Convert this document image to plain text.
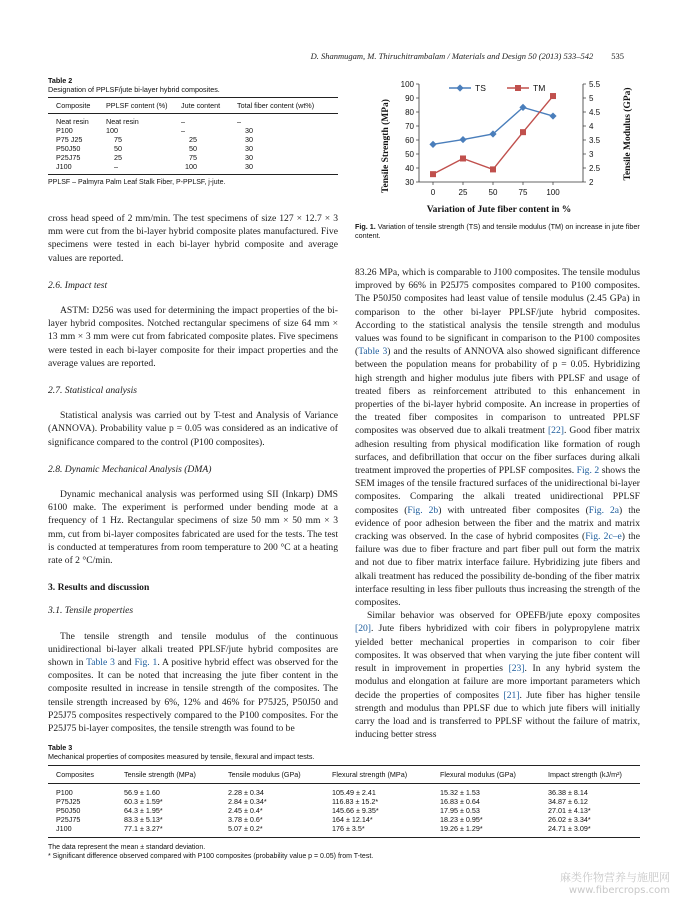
D. Shanmugam, M. Thiruchitrambalam / Materials and Design 50 (2013) 533–542 535
Table 2
Designation of PPLSF/jute bi-layer hybrid composites.
Composite	PPLSF content (%)	Jute content	Total fiber content (wt%)
Neat resin	Neat resin	–	–
P100	100	–	30
P75 J25	75	25	30
P50J50	50	50	30
P25J75	25	75	30
J100	–	100	30
PPLSF – Palmyra Palm Leaf Stalk Fiber, P-PPLSF, j-jute.

cross head speed of 2 mm/min. The test specimens of size 127 × 12.7 × 3 mm were cut from the bi-layer hybrid composite plates manufactured. Five specimens were tested in each bi-layer hybrid composite and average values are reported.

2.6. Impact test

ASTM: D256 was used for determining the impact properties of the bi-layer hybrid composites. Notched rectangular specimens of size 64 mm × 13 mm × 3 mm were cut from fabricated composite plates. Five specimens were tested in each bi-layer composite for their impact properties and the average values are reported.

2.7. Statistical analysis

Statistical analysis was carried out by T-test and Analysis of Variance (ANNOVA). Probability value p = 0.05 was considered as an indicative of significance compared to the control (P100 composites).

2.8. Dynamic Mechanical Analysis (DMA)

Dynamic mechanical analysis was performed using SII (Inkarp) DMS 6100 make. The experiment is performed under bending mode at a frequency of 1 Hz. Rectangular specimens of size 50 mm × 50 mm × 3 mm, cut from bi-layer composites fabricated are used for the tests. The test is conducted at temperatures from room temperature to 200 °C at a heating rate of 2 °C/min.

3. Results and discussion

3.1. Tensile properties

The tensile strength and tensile modulus of the continuous unidirectional bi-layer alkali treated PPLSF/jute hybrid composites are shown in Table 3 and Fig. 1. A positive hybrid effect was observed for the composites. It can be noted that increasing the jute fiber content in the composite resulted in increase in tensile strength of the composites. The tensile strength increased by 6%, 12% and 46% for P75J25, P50J50 and P25J75 composites respectively compared to the P100 composites. For the P25J75 bi-layer composites, the tensile strength was found to be

Tensile Strength (MPa)	Tensile Modulus (GPa)
Variation of Jute fiber content in %
30
40
50
60
70
80
90
100
2
2.5
3
3.5
4
4.5
5
5.5
0	25	50	75 100
TS	TM
Fig. 1. Variation of tensile strength (TS) and tensile modulus (TM) on increase in jute fiber content.

83.26 MPa, which is comparable to J100 composites. The tensile modulus improved by 66% in P25J75 composites compared to P100 composites. The P50J50 composites had least value of tensile modulus (2.45 GPa) in comparison to the other bi-layer PPLSF/jute hybrid composites. According to the statistical analysis the tensile strength and modulus values was found to be significant in comparison to the P100 composites (Table 3) and the results of ANNOVA also showed significant difference between the population means for probability of p = 0.05. Hybridizing high strength and higher modulus jute fibers with PPLSF and usage of treated fibers as reinforcement attributed to this enhancement in properties of the bi-layer hybrid composite. An increase in properties of the treated fiber composites in comparison to untreated PPLSF composites was observed due to alkali treatment [22]. Good fiber matrix adhesion resulting from physical modification like formation of rough surfaces, and defibrillation that occur on the fiber surfaces during alkali treatment improved the properties of PPLSF composites. Fig. 2 shows the SEM images of the tensile fractured surfaces of the unidirectional bi-layer composites. Comparing the alkali treated unidirectional PPLSF composites (Fig. 2b) with untreated fiber composites (Fig. 2a) the evidence of poor adhesion between the fiber and the matrix and matrix cracking was observed. In the case of hybrid composites (Fig. 2c–e) the failure was due to fiber fracture and part fiber pull out form the matrix and not due to fiber matrix interface failure. Hybridizing jute fibers and alkali treatment has reduced the possibility de-bonding of the fiber matrix interface resulting in less fiber pullouts thus increasing the strength of the composites.

Similar behavior was observed for OPEFB/jute epoxy composites [20]. Jute fibers hybridized with coir fibers in polypropylene matrix yielded better mechanical properties in comparison to coir fiber composites. It was observed that when varying the jute fiber content will result in improvement in properties [23]. In any hybrid system the modulus and elongation at failure are more important parameters which decide the properties of composites [21]. Jute fiber has higher tensile strength and modulus than PPLSF due to which jute fibers will initially carry the load and is transferred to PPLSF without the failure of matrix, inducing better stress

Table 3
Mechanical properties of composites measured by tensile, flexural and impact tests.
Composites	Tensile strength (MPa)	Tensile modulus (GPa)	Flexural strength (MPa)	Flexural modulus (GPa)	Impact strength (kJ/m²)
P100	56.9 ± 1.60	2.28 ± 0.34	105.49 ± 2.41	15.32 ± 1.53	36.38 ± 8.14
P75J25	60.3 ± 1.59*	2.84 ± 0.34*	116.83 ± 15.2*	16.83 ± 0.64	34.87 ± 6.12
P50J50	64.3 ± 1.95*	2.45 ± 0.4*	145.66 ± 9.35*	17.95 ± 0.53	27.01 ± 4.13*
P25J75	83.3 ± 5.13*	3.78 ± 0.6*	164 ± 12.14*	18.23 ± 0.95*	26.02 ± 3.34*
J100	77.1 ± 3.27*	5.07 ± 0.2*	176 ± 3.5*	19.26 ± 1.29*	24.71 ± 3.09*
The data represent the mean ± standard deviation.
* Significant difference observed compared with P100 composites (probability value p = 0.05) from T-test.
麻类作物营养与施肥网
www.fibercrops.com
